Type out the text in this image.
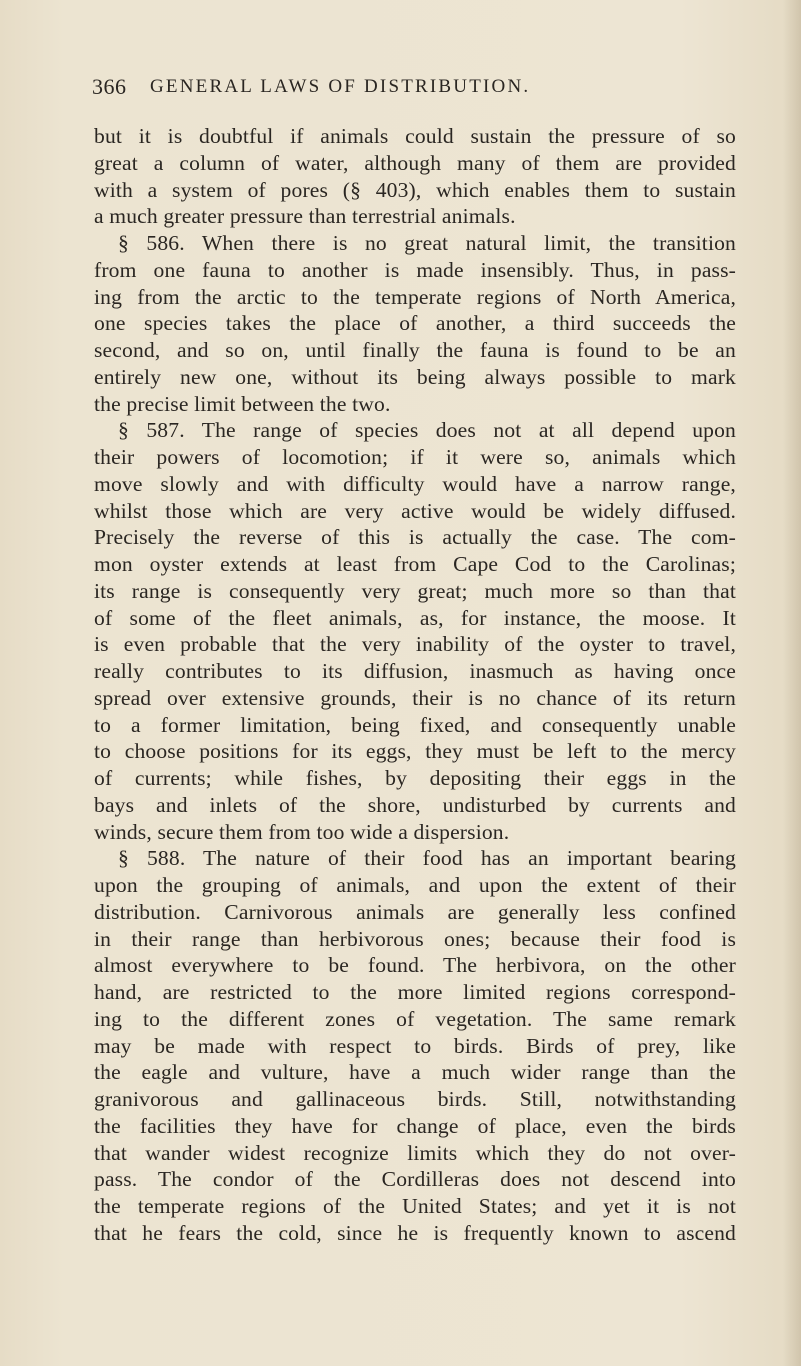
366 GENERAL LAWS OF DISTRIBUTION.
but it is doubtful if animals could sustain the pressure of so
great a column of water, although many of them are provided
with a system of pores (§ 403), which enables them to sustain
a much greater pressure than terrestrial animals.
§ 586. When there is no great natural limit, the transition
from one fauna to another is made insensibly. Thus, in pass-
ing from the arctic to the temperate regions of North America,
one species takes the place of another, a third succeeds the
second, and so on, until finally the fauna is found to be an
entirely new one, without its being always possible to mark
the precise limit between the two.
§ 587. The range of species does not at all depend upon
their powers of locomotion; if it were so, animals which
move slowly and with difficulty would have a narrow range,
whilst those which are very active would be widely diffused.
Precisely the reverse of this is actually the case. The com-
mon oyster extends at least from Cape Cod to the Carolinas;
its range is consequently very great; much more so than that
of some of the fleet animals, as, for instance, the moose. It
is even probable that the very inability of the oyster to travel,
really contributes to its diffusion, inasmuch as having once
spread over extensive grounds, their is no chance of its return
to a former limitation, being fixed, and consequently unable
to choose positions for its eggs, they must be left to the mercy
of currents; while fishes, by depositing their eggs in the
bays and inlets of the shore, undisturbed by currents and
winds, secure them from too wide a dispersion.
§ 588. The nature of their food has an important bearing
upon the grouping of animals, and upon the extent of their
distribution. Carnivorous animals are generally less confined
in their range than herbivorous ones; because their food is
almost everywhere to be found. The herbivora, on the other
hand, are restricted to the more limited regions correspond-
ing to the different zones of vegetation. The same remark
may be made with respect to birds. Birds of prey, like
the eagle and vulture, have a much wider range than the
granivorous and gallinaceous birds. Still, notwithstanding
the facilities they have for change of place, even the birds
that wander widest recognize limits which they do not over-
pass. The condor of the Cordilleras does not descend into
the temperate regions of the United States; and yet it is not
that he fears the cold, since he is frequently known to ascend
